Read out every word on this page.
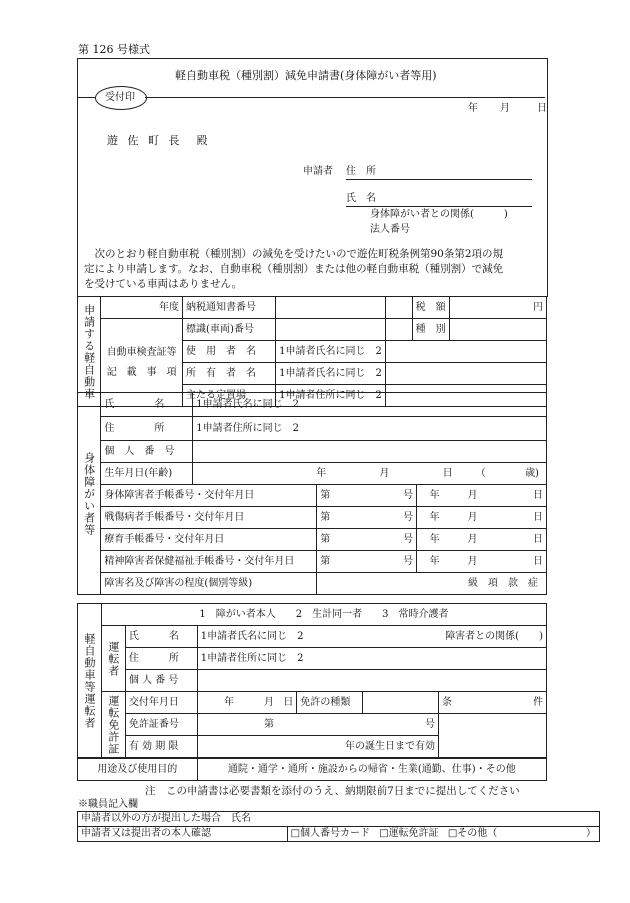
第 126 号様式
軽自動車税（種別割）減免申請書(身体障がい者等用)
受付印
年 月	日
遊 佐 町 長　殿
申請者 住　所
氏　名
身体障がい者との関係(　　　)
法人番号
　次のとおり軽自動車税（種別割）の減免を受けたいので遊佐町税条例第90条第2項の規
定により申請します。なお、自動車税（種別割）または他の軽自動車税（種別割）で減免
を受けている車両はありません。
申請する軽自動車	年度	納税通知書番号			税　額	円
	自動車検査証等
記　載　事　項	標識(車両)番号			種　別	
		使　用　者　名	1申請者氏名に同じ　2			
		所　有　者　名	1申請者氏名に同じ　2			
		主たる定置場	1申請者住所に同じ　2			
身体障がい者等	氏　　　　名	1申請者氏名に同じ　2					
	住　　　　所	1申請者住所に同じ　2					
	個　人　番　号						
	生年月日(年齢)	年 月 日 （ 歳)					
	身体障害者手帳番号・交付年月日		第	号	年	月	日
	戦傷病者手帳番号・交付年月日		第	号	年	月	日
	療育手帳番号・交付年月日		第	号	年	月	日
	精神障害者保健福祉手帳番号・交付年月日		第	号	年	月	日
	障害名及び障害の程度(個別等級)		級　項　款　症				
軽自動車等運転者	1　障がい者本人　　2　生計同一者　　3　常時介護者							
	運転者	氏　　　名	1申請者氏名に同じ　2					障害者との関係(　　)
		住　　　所	1申請者住所に同じ　2					
		個 人 番 号						
	運転免許証	交付年月日	年	月	日	免許の種類		条 件

		免許証番号	第		号			
		有 効 期 限	年の誕生日まで有効					

用途及び使用目的	通院・通学・通所・施設からの帰省・生業(通勤、仕事)・その他
注　この申請書は必要書類を添付のうえ、納期限前7日までに提出してください
※職員記入欄
申請者以外の方が提出した場合　氏名
申請者又は提出者の本人確認	□個人番号カード □運転免許証 □その他（	）
